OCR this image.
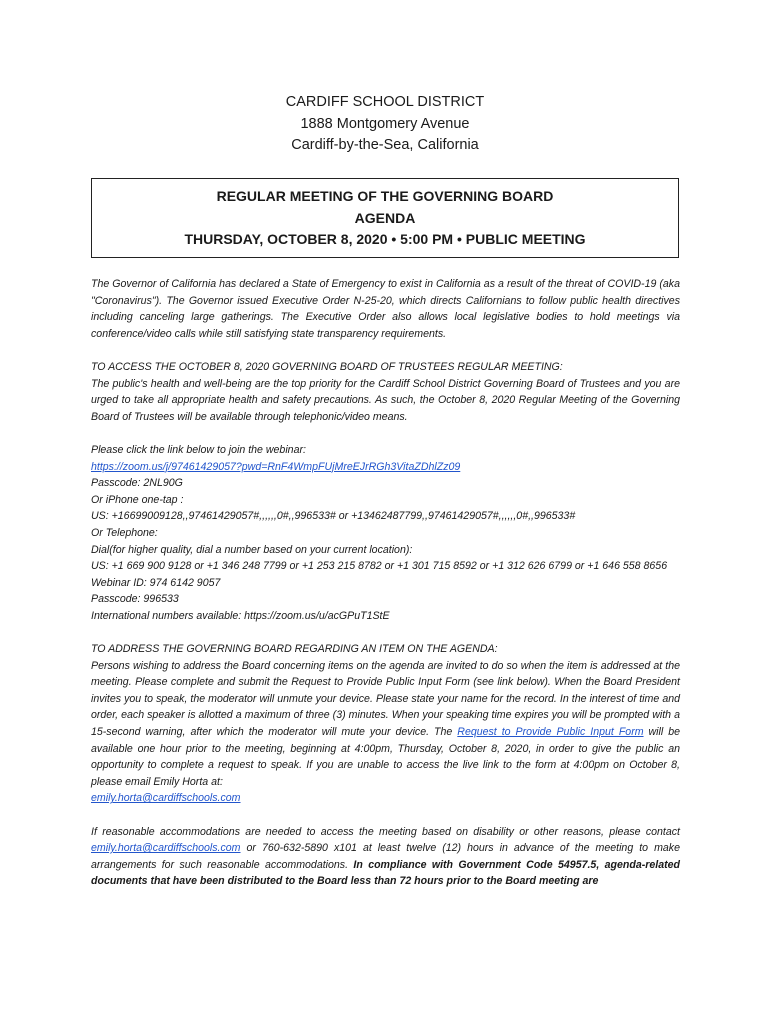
CARDIFF SCHOOL DISTRICT
1888 Montgomery Avenue
Cardiff-by-the-Sea, California
REGULAR MEETING OF THE GOVERNING BOARD
AGENDA
THURSDAY, OCTOBER 8, 2020 • 5:00 PM • PUBLIC MEETING

The Governor of California has declared a State of Emergency to exist in California as a result of the threat of COVID-19 (aka "Coronavirus"). The Governor issued Executive Order N-25-20, which directs Californians to follow public health directives including canceling large gatherings. The Executive Order also allows local legislative bodies to hold meetings via conference/video calls while still satisfying state transparency requirements.

TO ACCESS THE OCTOBER 8, 2020 GOVERNING BOARD OF TRUSTEES REGULAR MEETING:

The public's health and well-being are the top priority for the Cardiff School District Governing Board of Trustees and you are urged to take all appropriate health and safety precautions. As such, the October 8, 2020 Regular Meeting of the Governing Board of Trustees will be available through telephonic/video means.

Please click the link below to join the webinar:

https://zoom.us/j/97461429057?pwd=RnF4WmpFUjMreEJrRGh3VitaZDhlZz09

Passcode: 2NL90G

Or iPhone one-tap :

US: +16699009128,,97461429057#,,,,,,0#,,996533# or +13462487799,,97461429057#,,,,,,0#,,996533#

Or Telephone:

Dial(for higher quality, dial a number based on your current location):

US: +1 669 900 9128 or +1 346 248 7799 or +1 253 215 8782 or +1 301 715 8592 or +1 312 626 6799 or +1 646 558 8656

Webinar ID: 974 6142 9057

Passcode: 996533

International numbers available: https://zoom.us/u/acGPuT1StE

TO ADDRESS THE GOVERNING BOARD REGARDING AN ITEM ON THE AGENDA:

Persons wishing to address the Board concerning items on the agenda are invited to do so when the item is addressed at the meeting. Please complete and submit the Request to Provide Public Input Form (see link below). When the Board President invites you to speak, the moderator will unmute your device. Please state your name for the record. In the interest of time and order, each speaker is allotted a maximum of three (3) minutes. When your speaking time expires you will be prompted with a 15-second warning, after which the moderator will mute your device. The Request to Provide Public Input Form will be available one hour prior to the meeting, beginning at 4:00pm, Thursday, October 8, 2020, in order to give the public an opportunity to complete a request to speak. If you are unable to access the live link to the form at 4:00pm on October 8, please email Emily Horta at:

emily.horta@cardiffschools.com

If reasonable accommodations are needed to access the meeting based on disability or other reasons, please contact emily.horta@cardiffschools.com or 760-632-5890 x101 at least twelve (12) hours in advance of the meeting to make arrangements for such reasonable accommodations. In compliance with Government Code 54957.5, agenda-related documents that have been distributed to the Board less than 72 hours prior to the Board meeting are
